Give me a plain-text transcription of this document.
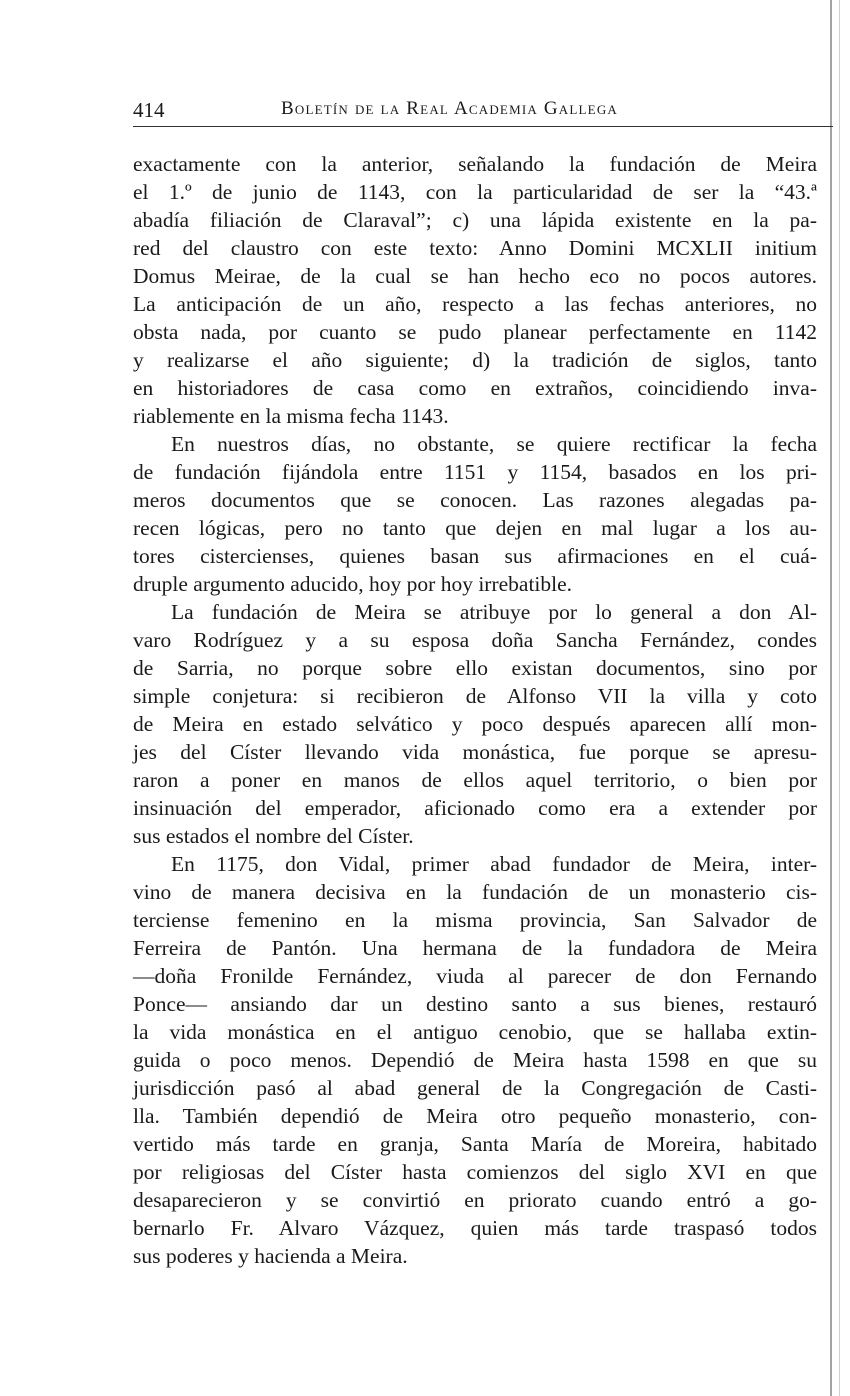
414	Boletín de la Real Academia Gallega
exactamente con la anterior, señalando la fundación de Meira
el 1.º de junio de 1143, con la particularidad de ser la “43.ª
abadía filiación de Claraval”; c) una lápida existente en la pa-
red del claustro con este texto: Anno Domini MCXLII initium
Domus Meirae, de la cual se han hecho eco no pocos autores.
La anticipación de un año, respecto a las fechas anteriores, no
obsta nada, por cuanto se pudo planear perfectamente en 1142
y realizarse el año siguiente; d) la tradición de siglos, tanto
en historiadores de casa como en extraños, coincidiendo inva-
riablemente en la misma fecha 1143.
En nuestros días, no obstante, se quiere rectificar la fecha
de fundación fijándola entre 1151 y 1154, basados en los pri-
meros documentos que se conocen. Las razones alegadas pa-
recen lógicas, pero no tanto que dejen en mal lugar a los au-
tores cistercienses, quienes basan sus afirmaciones en el cuá-
druple argumento aducido, hoy por hoy irrebatible.
La fundación de Meira se atribuye por lo general a don Al-
varo Rodríguez y a su esposa doña Sancha Fernández, condes
de Sarria, no porque sobre ello existan documentos, sino por
simple conjetura: si recibieron de Alfonso VII la villa y coto
de Meira en estado selvático y poco después aparecen allí mon-
jes del Císter llevando vida monástica, fue porque se apresu-
raron a poner en manos de ellos aquel territorio, o bien por
insinuación del emperador, aficionado como era a extender por
sus estados el nombre del Císter.
En 1175, don Vidal, primer abad fundador de Meira, inter-
vino de manera decisiva en la fundación de un monasterio cis-
terciense femenino en la misma provincia, San Salvador de
Ferreira de Pantón. Una hermana de la fundadora de Meira
—doña Fronilde Fernández, viuda al parecer de don Fernando
Ponce— ansiando dar un destino santo a sus bienes, restauró
la vida monástica en el antiguo cenobio, que se hallaba extin-
guida o poco menos. Dependió de Meira hasta 1598 en que su
jurisdicción pasó al abad general de la Congregación de Casti-
lla. También dependió de Meira otro pequeño monasterio, con-
vertido más tarde en granja, Santa María de Moreira, habitado
por religiosas del Císter hasta comienzos del siglo XVI en que
desaparecieron y se convirtió en priorato cuando entró a go-
bernarlo Fr. Alvaro Vázquez, quien más tarde traspasó todos
sus poderes y hacienda a Meira.
